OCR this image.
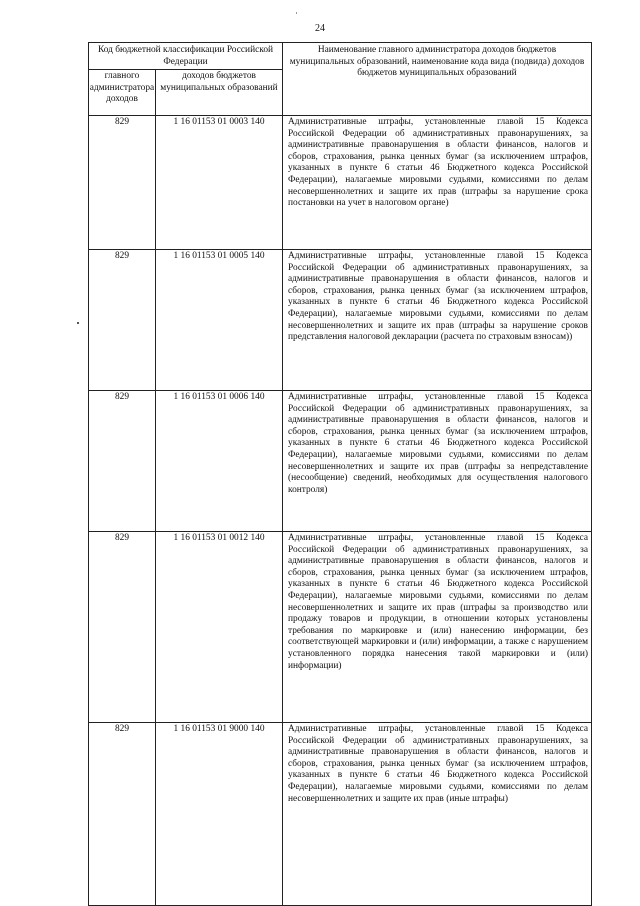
24
Код бюджетной классификации Российской Федерации		Наименование главного администратора доходов бюджетов муниципальных образований, наименование кода вида (подвида) доходов бюджетов муниципальных образований
главного администратора доходов	доходов бюджетов муниципальных образований	
829	1 16 01153 01 0003 140	Административные штрафы, установленные главой 15 Кодекса Российской Федерации об административных правонарушениях, за административные правонарушения в области финансов, налогов и сборов, страхования, рынка ценных бумаг (за исключением штрафов, указанных в пункте 6 статьи 46 Бюджетного кодекса Российской Федерации), налагаемые мировыми судьями, комиссиями по делам несовершеннолетних и защите их прав (штрафы за нарушение срока постановки на учет в налоговом органе)
829	1 16 01153 01 0005 140	Административные штрафы, установленные главой 15 Кодекса Российской Федерации об административных правонарушениях, за административные правонарушения в области финансов, налогов и сборов, страхования, рынка ценных бумаг (за исключением штрафов, указанных в пункте 6 статьи 46 Бюджетного кодекса Российской Федерации), налагаемые мировыми судьями, комиссиями по делам несовершеннолетних и защите их прав (штрафы за нарушение сроков представления налоговой декларации (расчета по страховым взносам))
829	1 16 01153 01 0006 140	Административные штрафы, установленные главой 15 Кодекса Российской Федерации об административных правонарушениях, за административные правонарушения в области финансов, налогов и сборов, страхования, рынка ценных бумаг (за исключением штрафов, указанных в пункте 6 статьи 46 Бюджетного кодекса Российской Федерации), налагаемые мировыми судьями, комиссиями по делам несовершеннолетних и защите их прав (штрафы за непредставление (несообщение) сведений, необходимых для осуществления налогового контроля)
829	1 16 01153 01 0012 140	Административные штрафы, установленные главой 15 Кодекса Российской Федерации об административных правонарушениях, за административные правонарушения в области финансов, налогов и сборов, страхования, рынка ценных бумаг (за исключением штрафов, указанных в пункте 6 статьи 46 Бюджетного кодекса Российской Федерации), налагаемые мировыми судьями, комиссиями по делам несовершеннолетних и защите их прав (штрафы за производство или продажу товаров и продукции, в отношении которых установлены требования по маркировке и (или) нанесению информации, без соответствующей маркировки и (или) информации, а также с нарушением установленного порядка нанесения такой маркировки и (или) информации)
829	1 16 01153 01 9000 140	Административные штрафы, установленные главой 15 Кодекса Российской Федерации об административных правонарушениях, за административные правонарушения в области финансов, налогов и сборов, страхования, рынка ценных бумаг (за исключением штрафов, указанных в пункте 6 статьи 46 Бюджетного кодекса Российской Федерации), налагаемые мировыми судьями, комиссиями по делам несовершеннолетних и защите их прав (иные штрафы)
